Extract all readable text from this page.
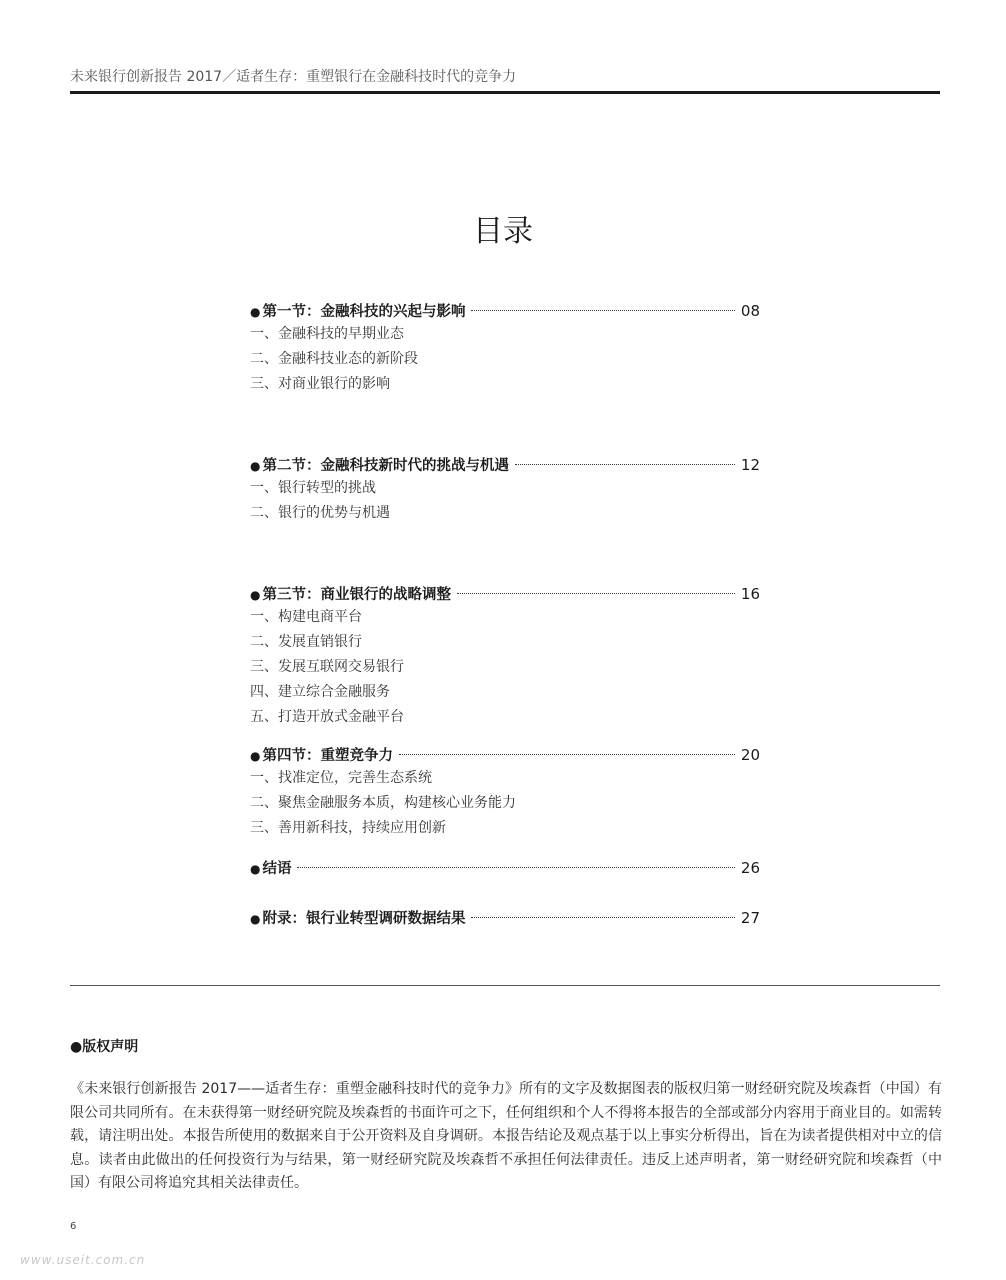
未来银行创新报告 2017／适者生存：重塑银行在金融科技时代的竞争力
目录
● 第一节：金融科技的兴起与影响	08
一、金融科技的早期业态
二、金融科技业态的新阶段
三、对商业银行的影响
● 第二节：金融科技新时代的挑战与机遇	12
一、银行转型的挑战
二、银行的优势与机遇
● 第三节：商业银行的战略调整	16
一、构建电商平台
二、发展直销银行
三、发展互联网交易银行
四、建立综合金融服务
五、打造开放式金融平台
● 第四节：重塑竞争力	20
一、找准定位，完善生态系统
二、聚焦金融服务本质，构建核心业务能力
三、善用新科技，持续应用创新
● 结语	26
● 附录：银行业转型调研数据结果	27
●版权声明
《未来银行创新报告 2017——适者生存：重塑金融科技时代的竞争力》所有的文字及数据图表的版权归第一财经研究院及埃森哲（中国）有限公司共同所有。在未获得第一财经研究院及埃森哲的书面许可之下，任何组织和个人不得将本报告的全部或部分内容用于商业目的。如需转载，请注明出处。本报告所使用的数据来自于公开资料及自身调研。本报告结论及观点基于以上事实分析得出，旨在为读者提供相对中立的信息。读者由此做出的任何投资行为与结果，第一财经研究院及埃森哲不承担任何法律责任。违反上述声明者，第一财经研究院和埃森哲（中国）有限公司将追究其相关法律责任。
6
www.useit.com.cn
